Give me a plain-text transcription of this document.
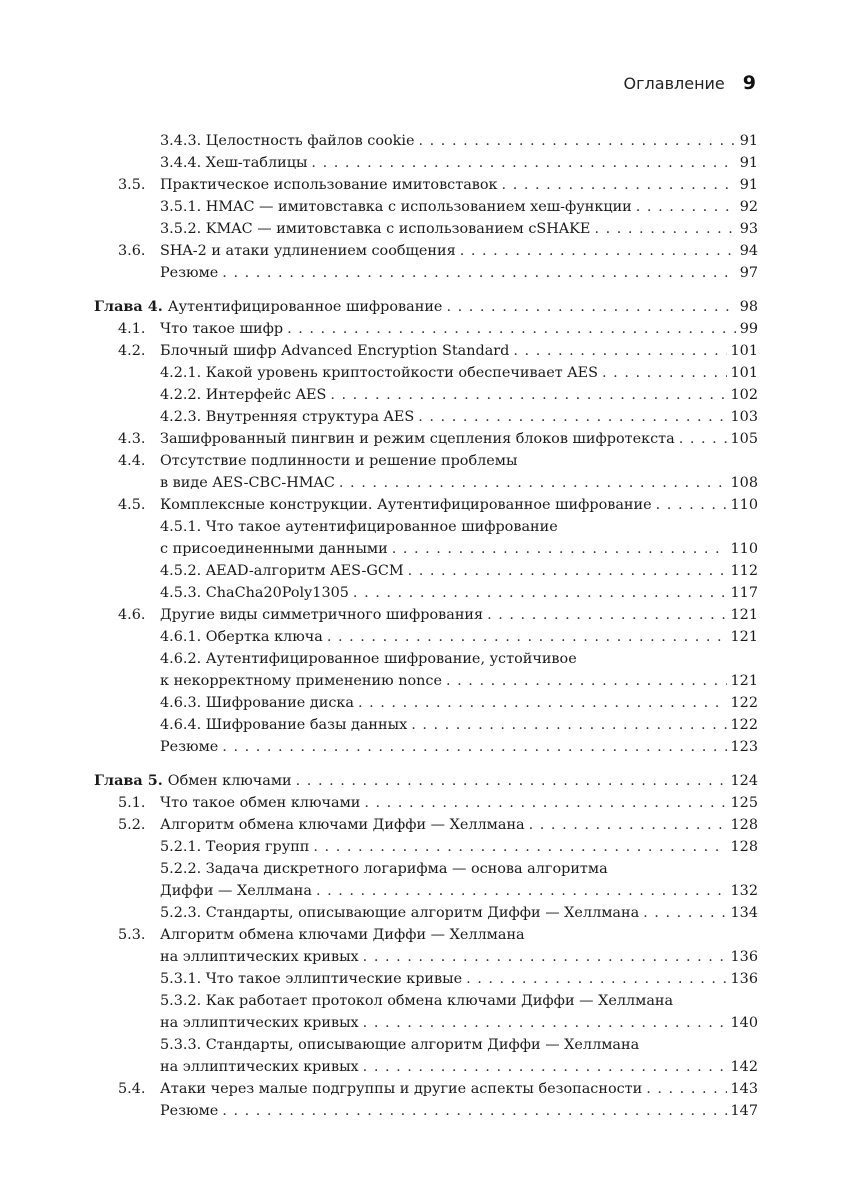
Оглавление 9
3.4.3. Целостность файлов cookie . . .	91
3.4.4. Хеш-таблицы . . .	91
3.5.	Практическое использование имитовставок . . .	91
3.5.1. HMAC — имитовставка с использованием хеш-функции . . .	92
3.5.2. KMAC — имитовставка с использованием cSHAKE . . .	93
3.6.	SHA-2 и атаки удлинением сообщения . . .	94
Резюме . . .	97
Глава 4. Аутентифицированное шифрование . . .	98
4.1.	Что такое шифр . . .	99
4.2.	Блочный шифр Advanced Encryption Standard . . .	101
4.2.1. Какой уровень криптостойкости обеспечивает AES . . .	101
4.2.2. Интерфейс AES . . .	102
4.2.3. Внутренняя структура AES . . .	103
4.3.	Зашифрованный пингвин и режим сцепления блоков шифротекста . . .	105
4.4.	Отсутствие подлинности и решение проблемы
в виде AES-CBC-HMAC . . .	108
4.5.	Комплексные конструкции. Аутентифицированное шифрование . . .	110
4.5.1. Что такое аутентифицированное шифрование
с присоединенными данными . . .	110
4.5.2. AEAD-алгоритм AES-GCM . . .	112
4.5.3. ChaCha20Poly1305 . . .	117
4.6.	Другие виды симметричного шифрования . . .	121
4.6.1. Обертка ключа . . .	121
4.6.2. Аутентифицированное шифрование, устойчивое
к некорректному применению nonce . . .	121
4.6.3. Шифрование диска . . .	122
4.6.4. Шифрование базы данных . . .	122
Резюме . . .	123
Глава 5. Обмен ключами . . .	124
5.1.	Что такое обмен ключами . . .	125
5.2.	Алгоритм обмена ключами Диффи — Хеллмана . . .	128
5.2.1. Теория групп . . .	128
5.2.2. Задача дискретного логарифма — основа алгоритма
Диффи — Хеллмана . . .	132
5.2.3. Стандарты, описывающие алгоритм Диффи — Хеллмана . . .	134
5.3.	Алгоритм обмена ключами Диффи — Хеллмана
на эллиптических кривых . . .	136
5.3.1. Что такое эллиптические кривые . . .	136
5.3.2. Как работает протокол обмена ключами Диффи — Хеллмана
на эллиптических кривых . . .	140
5.3.3. Стандарты, описывающие алгоритм Диффи — Хеллмана
на эллиптических кривых . . .	142
5.4.	Атаки через малые подгруппы и другие аспекты безопасности . . .	143
Резюме . . .	147
